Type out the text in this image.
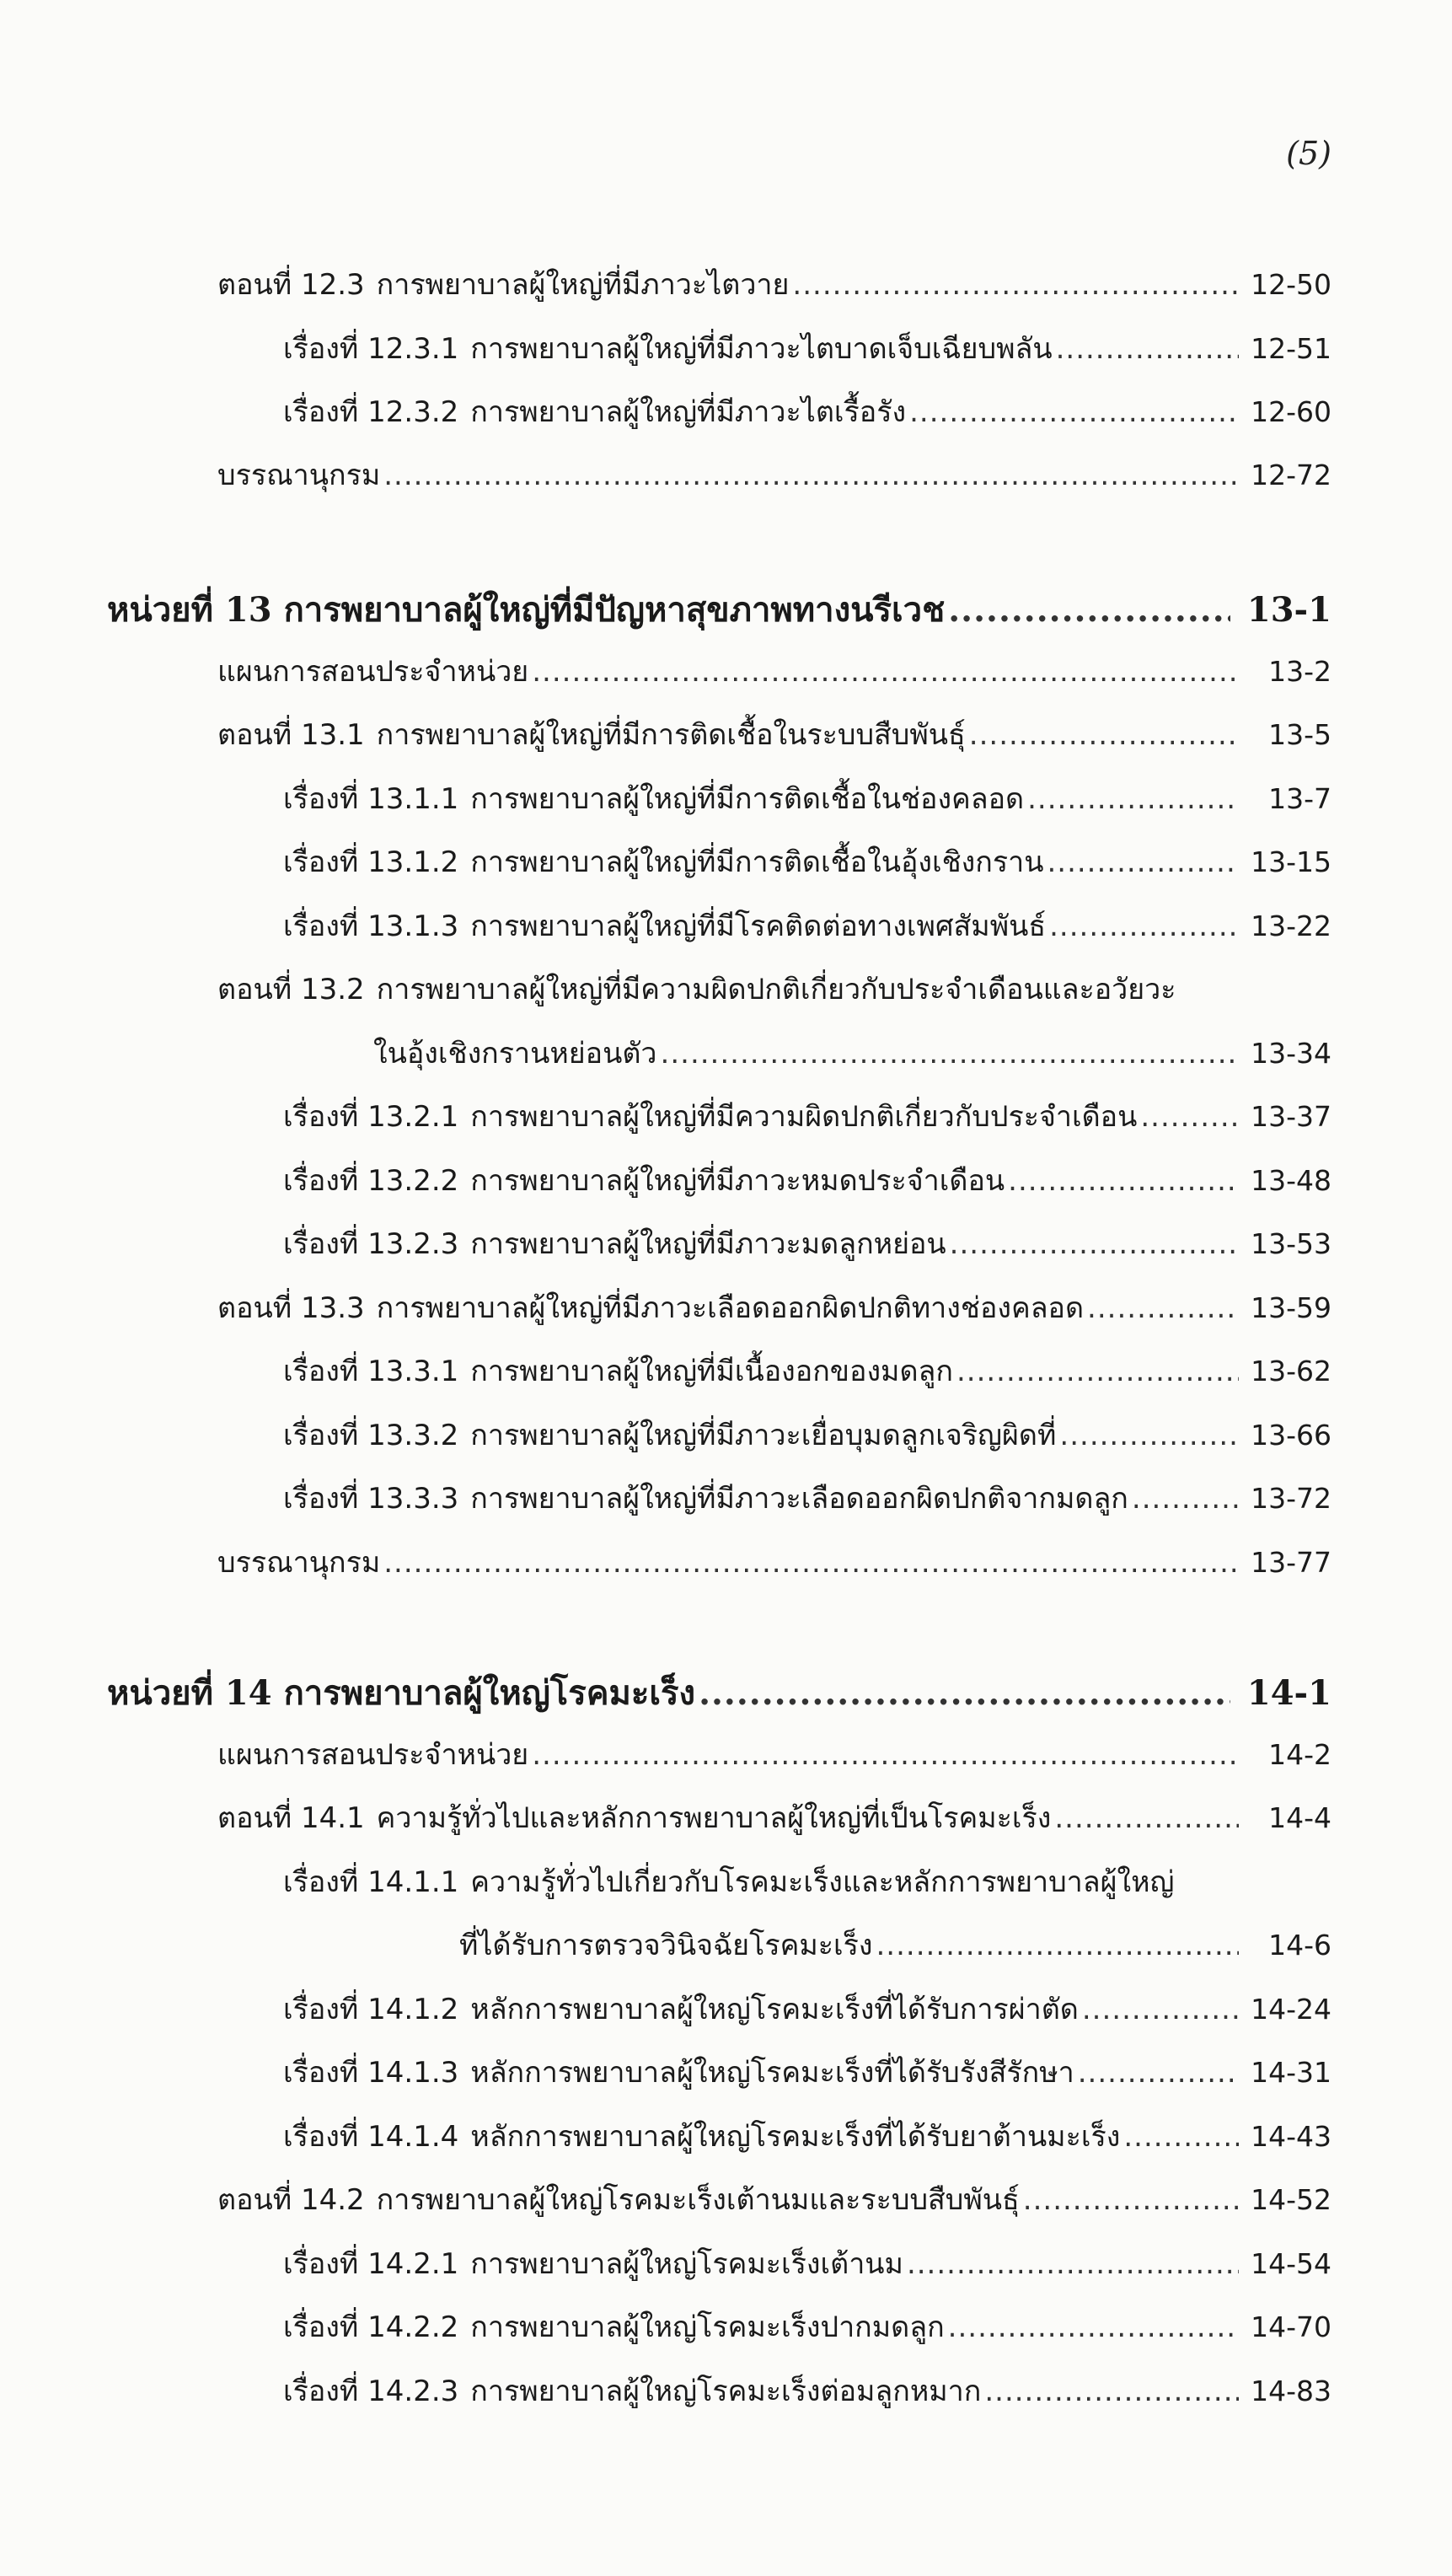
(5)
ตอนที่ 12.3 การพยาบาลผู้ใหญ่ที่มีภาวะไตวาย .....	12-50
เรื่องที่ 12.3.1 การพยาบาลผู้ใหญ่ที่มีภาวะไตบาดเจ็บเฉียบพลัน .....	12-51
เรื่องที่ 12.3.2 การพยาบาลผู้ใหญ่ที่มีภาวะไตเรื้อรัง .....	12-60
บรรณานุกรม .....	12-72
หน่วยที่ 13 การพยาบาลผู้ใหญ่ที่มีปัญหาสุขภาพทางนรีเวช .....	13-1
แผนการสอนประจำหน่วย .....	13-2
ตอนที่ 13.1 การพยาบาลผู้ใหญ่ที่มีการติดเชื้อในระบบสืบพันธุ์ .....	13-5
เรื่องที่ 13.1.1 การพยาบาลผู้ใหญ่ที่มีการติดเชื้อในช่องคลอด .....	13-7
เรื่องที่ 13.1.2 การพยาบาลผู้ใหญ่ที่มีการติดเชื้อในอุ้งเชิงกราน .....	13-15
เรื่องที่ 13.1.3 การพยาบาลผู้ใหญ่ที่มีโรคติดต่อทางเพศสัมพันธ์ .....	13-22
ตอนที่ 13.2 การพยาบาลผู้ใหญ่ที่มีความผิดปกติเกี่ยวกับประจำเดือนและอวัยวะ
ในอุ้งเชิงกรานหย่อนตัว .....	13-34
เรื่องที่ 13.2.1 การพยาบาลผู้ใหญ่ที่มีความผิดปกติเกี่ยวกับประจำเดือน .....	13-37
เรื่องที่ 13.2.2 การพยาบาลผู้ใหญ่ที่มีภาวะหมดประจำเดือน .....	13-48
เรื่องที่ 13.2.3 การพยาบาลผู้ใหญ่ที่มีภาวะมดลูกหย่อน .....	13-53
ตอนที่ 13.3 การพยาบาลผู้ใหญ่ที่มีภาวะเลือดออกผิดปกติทางช่องคลอด .....	13-59
เรื่องที่ 13.3.1 การพยาบาลผู้ใหญ่ที่มีเนื้องอกของมดลูก .....	13-62
เรื่องที่ 13.3.2 การพยาบาลผู้ใหญ่ที่มีภาวะเยื่อบุมดลูกเจริญผิดที่ .....	13-66
เรื่องที่ 13.3.3 การพยาบาลผู้ใหญ่ที่มีภาวะเลือดออกผิดปกติจากมดลูก .....	13-72
บรรณานุกรม .....	13-77
หน่วยที่ 14 การพยาบาลผู้ใหญ่โรคมะเร็ง .....	14-1
แผนการสอนประจำหน่วย .....	14-2
ตอนที่ 14.1 ความรู้ทั่วไปและหลักการพยาบาลผู้ใหญ่ที่เป็นโรคมะเร็ง .....	14-4
เรื่องที่ 14.1.1 ความรู้ทั่วไปเกี่ยวกับโรคมะเร็งและหลักการพยาบาลผู้ใหญ่
ที่ได้รับการตรวจวินิจฉัยโรคมะเร็ง .....	14-6
เรื่องที่ 14.1.2 หลักการพยาบาลผู้ใหญ่โรคมะเร็งที่ได้รับการผ่าตัด .....	14-24
เรื่องที่ 14.1.3 หลักการพยาบาลผู้ใหญ่โรคมะเร็งที่ได้รับรังสีรักษา .....	14-31
เรื่องที่ 14.1.4 หลักการพยาบาลผู้ใหญ่โรคมะเร็งที่ได้รับยาต้านมะเร็ง .....	14-43
ตอนที่ 14.2 การพยาบาลผู้ใหญ่โรคมะเร็งเต้านมและระบบสืบพันธุ์ .....	14-52
เรื่องที่ 14.2.1 การพยาบาลผู้ใหญ่โรคมะเร็งเต้านม .....	14-54
เรื่องที่ 14.2.2 การพยาบาลผู้ใหญ่โรคมะเร็งปากมดลูก .....	14-70
เรื่องที่ 14.2.3 การพยาบาลผู้ใหญ่โรคมะเร็งต่อมลูกหมาก .....	14-83
